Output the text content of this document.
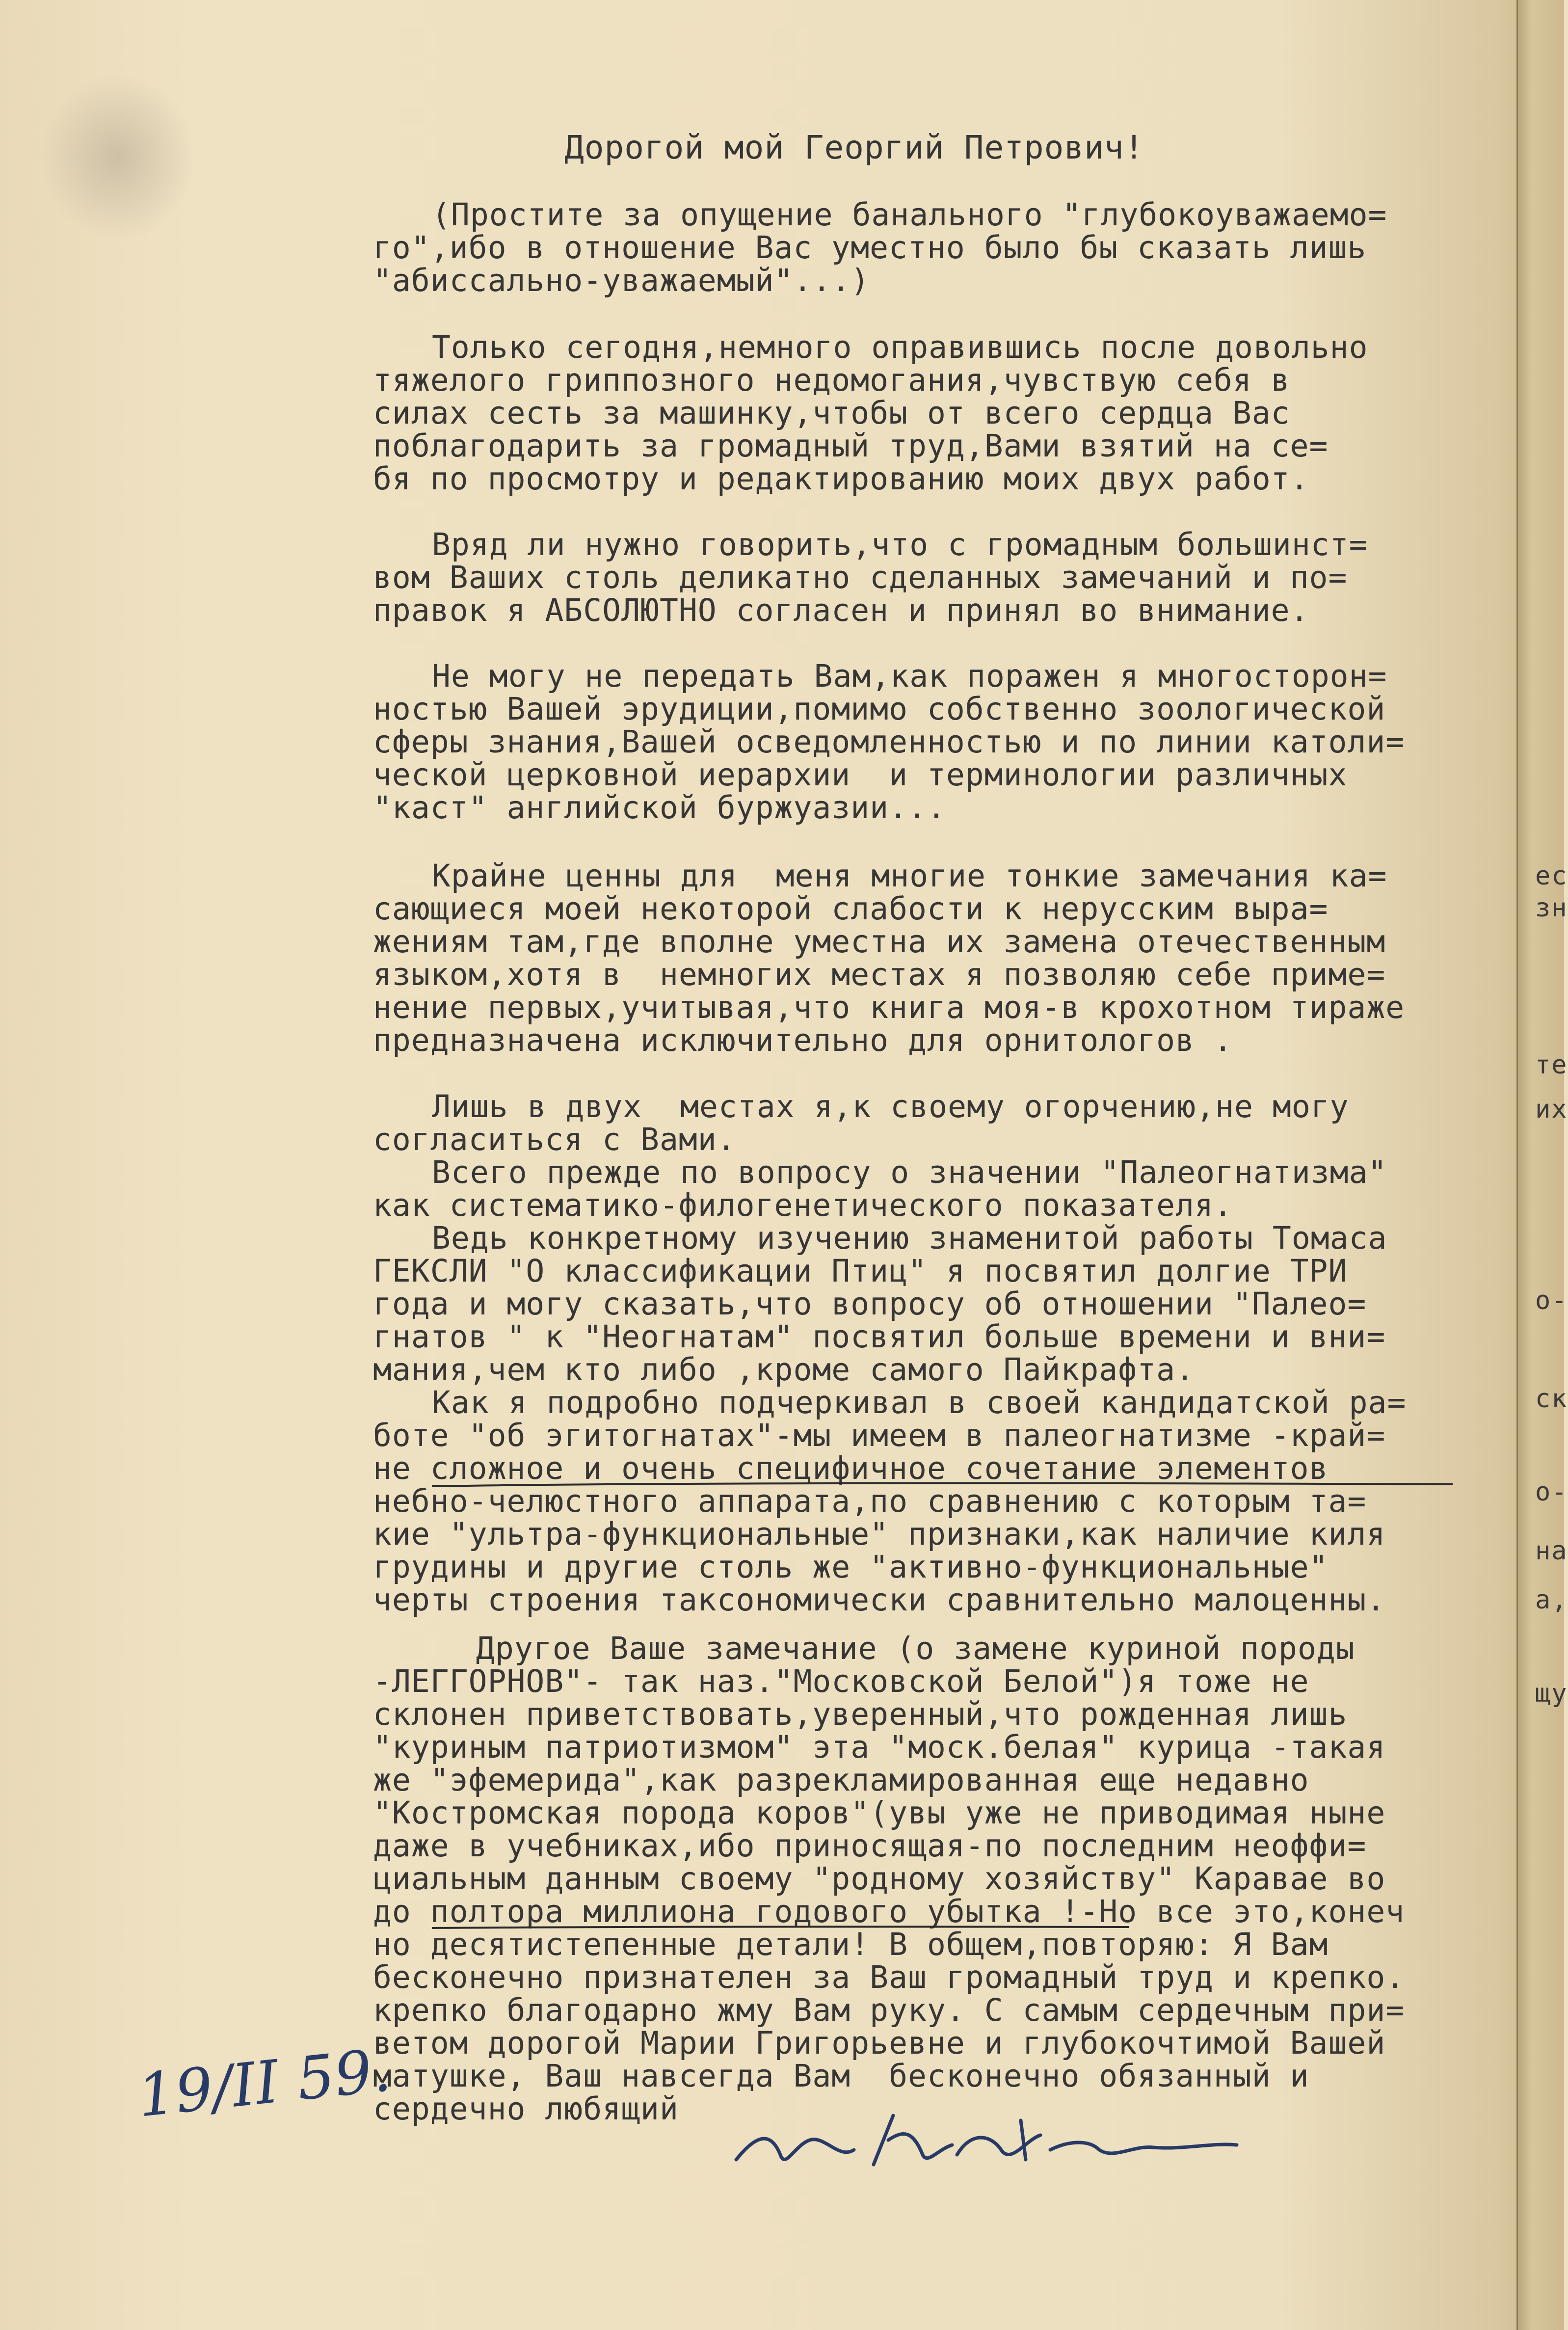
ес
зн
те
их
о-
ск
о-
на
а,
щу
Дорогой мой Георгий Петрович!
(Простите за опущение банального "глубокоуважаемо=
го",ибо в отношение Вас уместно было бы сказать лишь
"абиссально-уважаемый"...)
Только сегодня,немного оправившись после довольно
тяжелого гриппозного недомогания,чувствую себя в
силах сесть за машинку,чтобы от всего сердца Вас
поблагодарить за громадный труд,Вами взятий на се=
бя по просмотру и редактированию моих двух работ.
Вряд ли нужно говорить,что с громадным большинст=
вом Ваших столь деликатно сделанных замечаний и по=
правок я АБСОЛЮТНО согласен и принял во внимание.
Не могу не передать Вам,как поражен я многосторон=
ностью Вашей эрудиции,помимо собственно зоологической
сферы знания,Вашей осведомленностью и по линии католи=
ческой церковной иерархии  и терминологии различных
"каст" английской буржуазии...
Крайне ценны для  меня многие тонкие замечания ка=
сающиеся моей некоторой слабости к нерусским выра=
жениям там,где вполне уместна их замена отечественным
языком,хотя в  немногих местах я позволяю себе приме=
нение первых,учитывая,что книга моя-в крохотном тираже
предназначена исключительно для орнитологов .
Лишь в двух  местах я,к своему огорчению,не могу
согласиться с Вами.
Всего прежде по вопросу о значении "Палеогнатизма"
как систематико-филогенетического показателя.
Ведь конкретному изучению знаменитой работы Томаса
ГЕКСЛИ "О классификации Птиц" я посвятил долгие ТРИ
года и могу сказать,что вопросу об отношении "Палео=
гнатов " к "Неогнатам" посвятил больше времени и вни=
мания,чем кто либо ,кроме самого Пайкрафта.
Как я подробно подчеркивал в своей кандидатской ра=
боте "об эгитогнатах"-мы имеем в палеогнатизме -край=
не сложное и очень специфичное сочетание элементов
небно-челюстного аппарата,по сравнению с которым та=
кие "ультра-функциональные" признаки,как наличие киля
грудины и другие столь же "активно-функциональные"
черты строения таксономически сравнительно малоценны.
Другое Ваше замечание (о замене куриной породы
-ЛЕГГОРНОВ"- так наз."Московской Белой")я тоже не
склонен приветствовать,уверенный,что рожденная лишь
"куриным патриотизмом" эта "моск.белая" курица -такая
же "эфемерида",как разрекламированная еще недавно
"Костромская порода коров"(увы уже не приводимая ныне
даже в учебниках,ибо приносящая-по последним неоффи=
циальным данным своему "родному хозяйству" Каравае во
до полтора миллиона годового убытка !-Но все это,конеч
но десятистепенные детали! В общем,повторяю: Я Вам
бесконечно признателен за Ваш громадный труд и крепко.
крепко благодарно жму Вам руку. С самым сердечным при=
ветом дорогой Марии Григорьевне и глубокочтимой Вашей
матушке, Ваш навсегда Вам  бесконечно обязанный и
сердечно любящий
19/II 59.
